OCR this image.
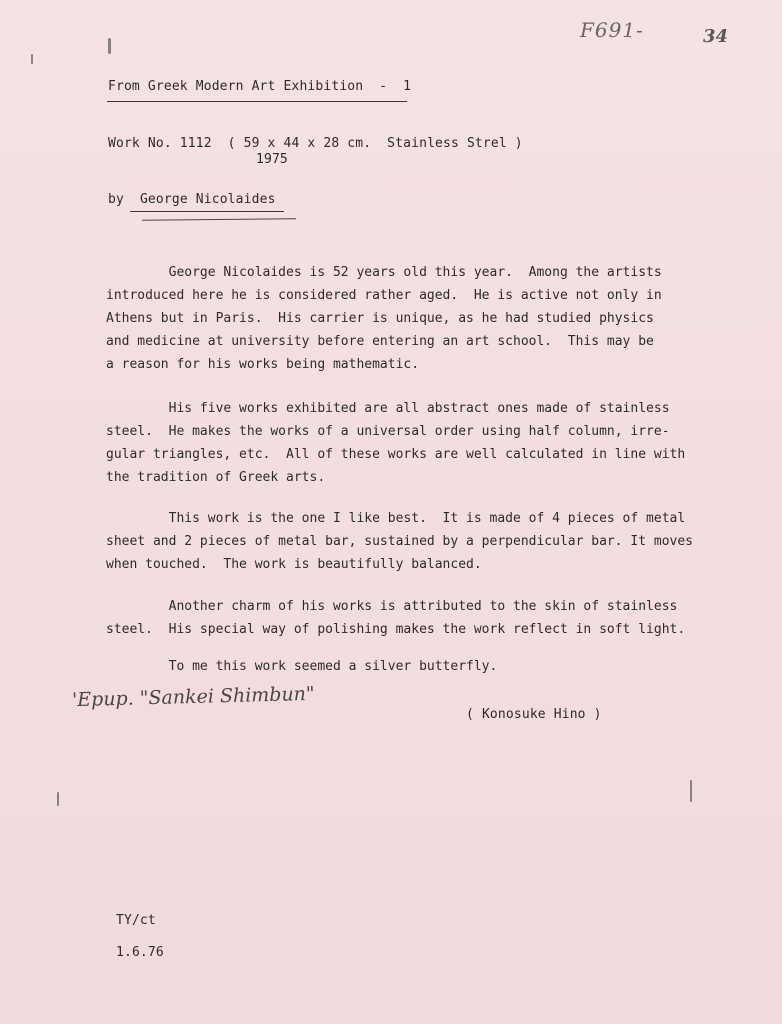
F691-	34
From Greek Modern Art Exhibition  -  1
Work No. 1112  ( 59 x 44 x 28 cm.  Stainless Strel )
1975
by George Nicolaides
George Nicolaides is 52 years old this year.  Among the artists
introduced here he is considered rather aged.  He is active not only in
Athens but in Paris.  His carrier is unique, as he had studied physics
and medicine at university before entering an art school.  This may be
a reason for his works being mathematic.
His five works exhibited are all abstract ones made of stainless
steel.  He makes the works of a universal order using half column, irre-
gular triangles, etc.  All of these works are well calculated in line with
the tradition of Greek arts.
This work is the one I like best.  It is made of 4 pieces of metal
sheet and 2 pieces of metal bar, sustained by a perpendicular bar. It moves
when touched.  The work is beautifully balanced.
Another charm of his works is attributed to the skin of stainless
steel.  His special way of polishing makes the work reflect in soft light.
To me this work seemed a silver butterfly.
'Epup. "Sankei Shimbun"
( Konosuke Hino )
TY/ct
1.6.76
